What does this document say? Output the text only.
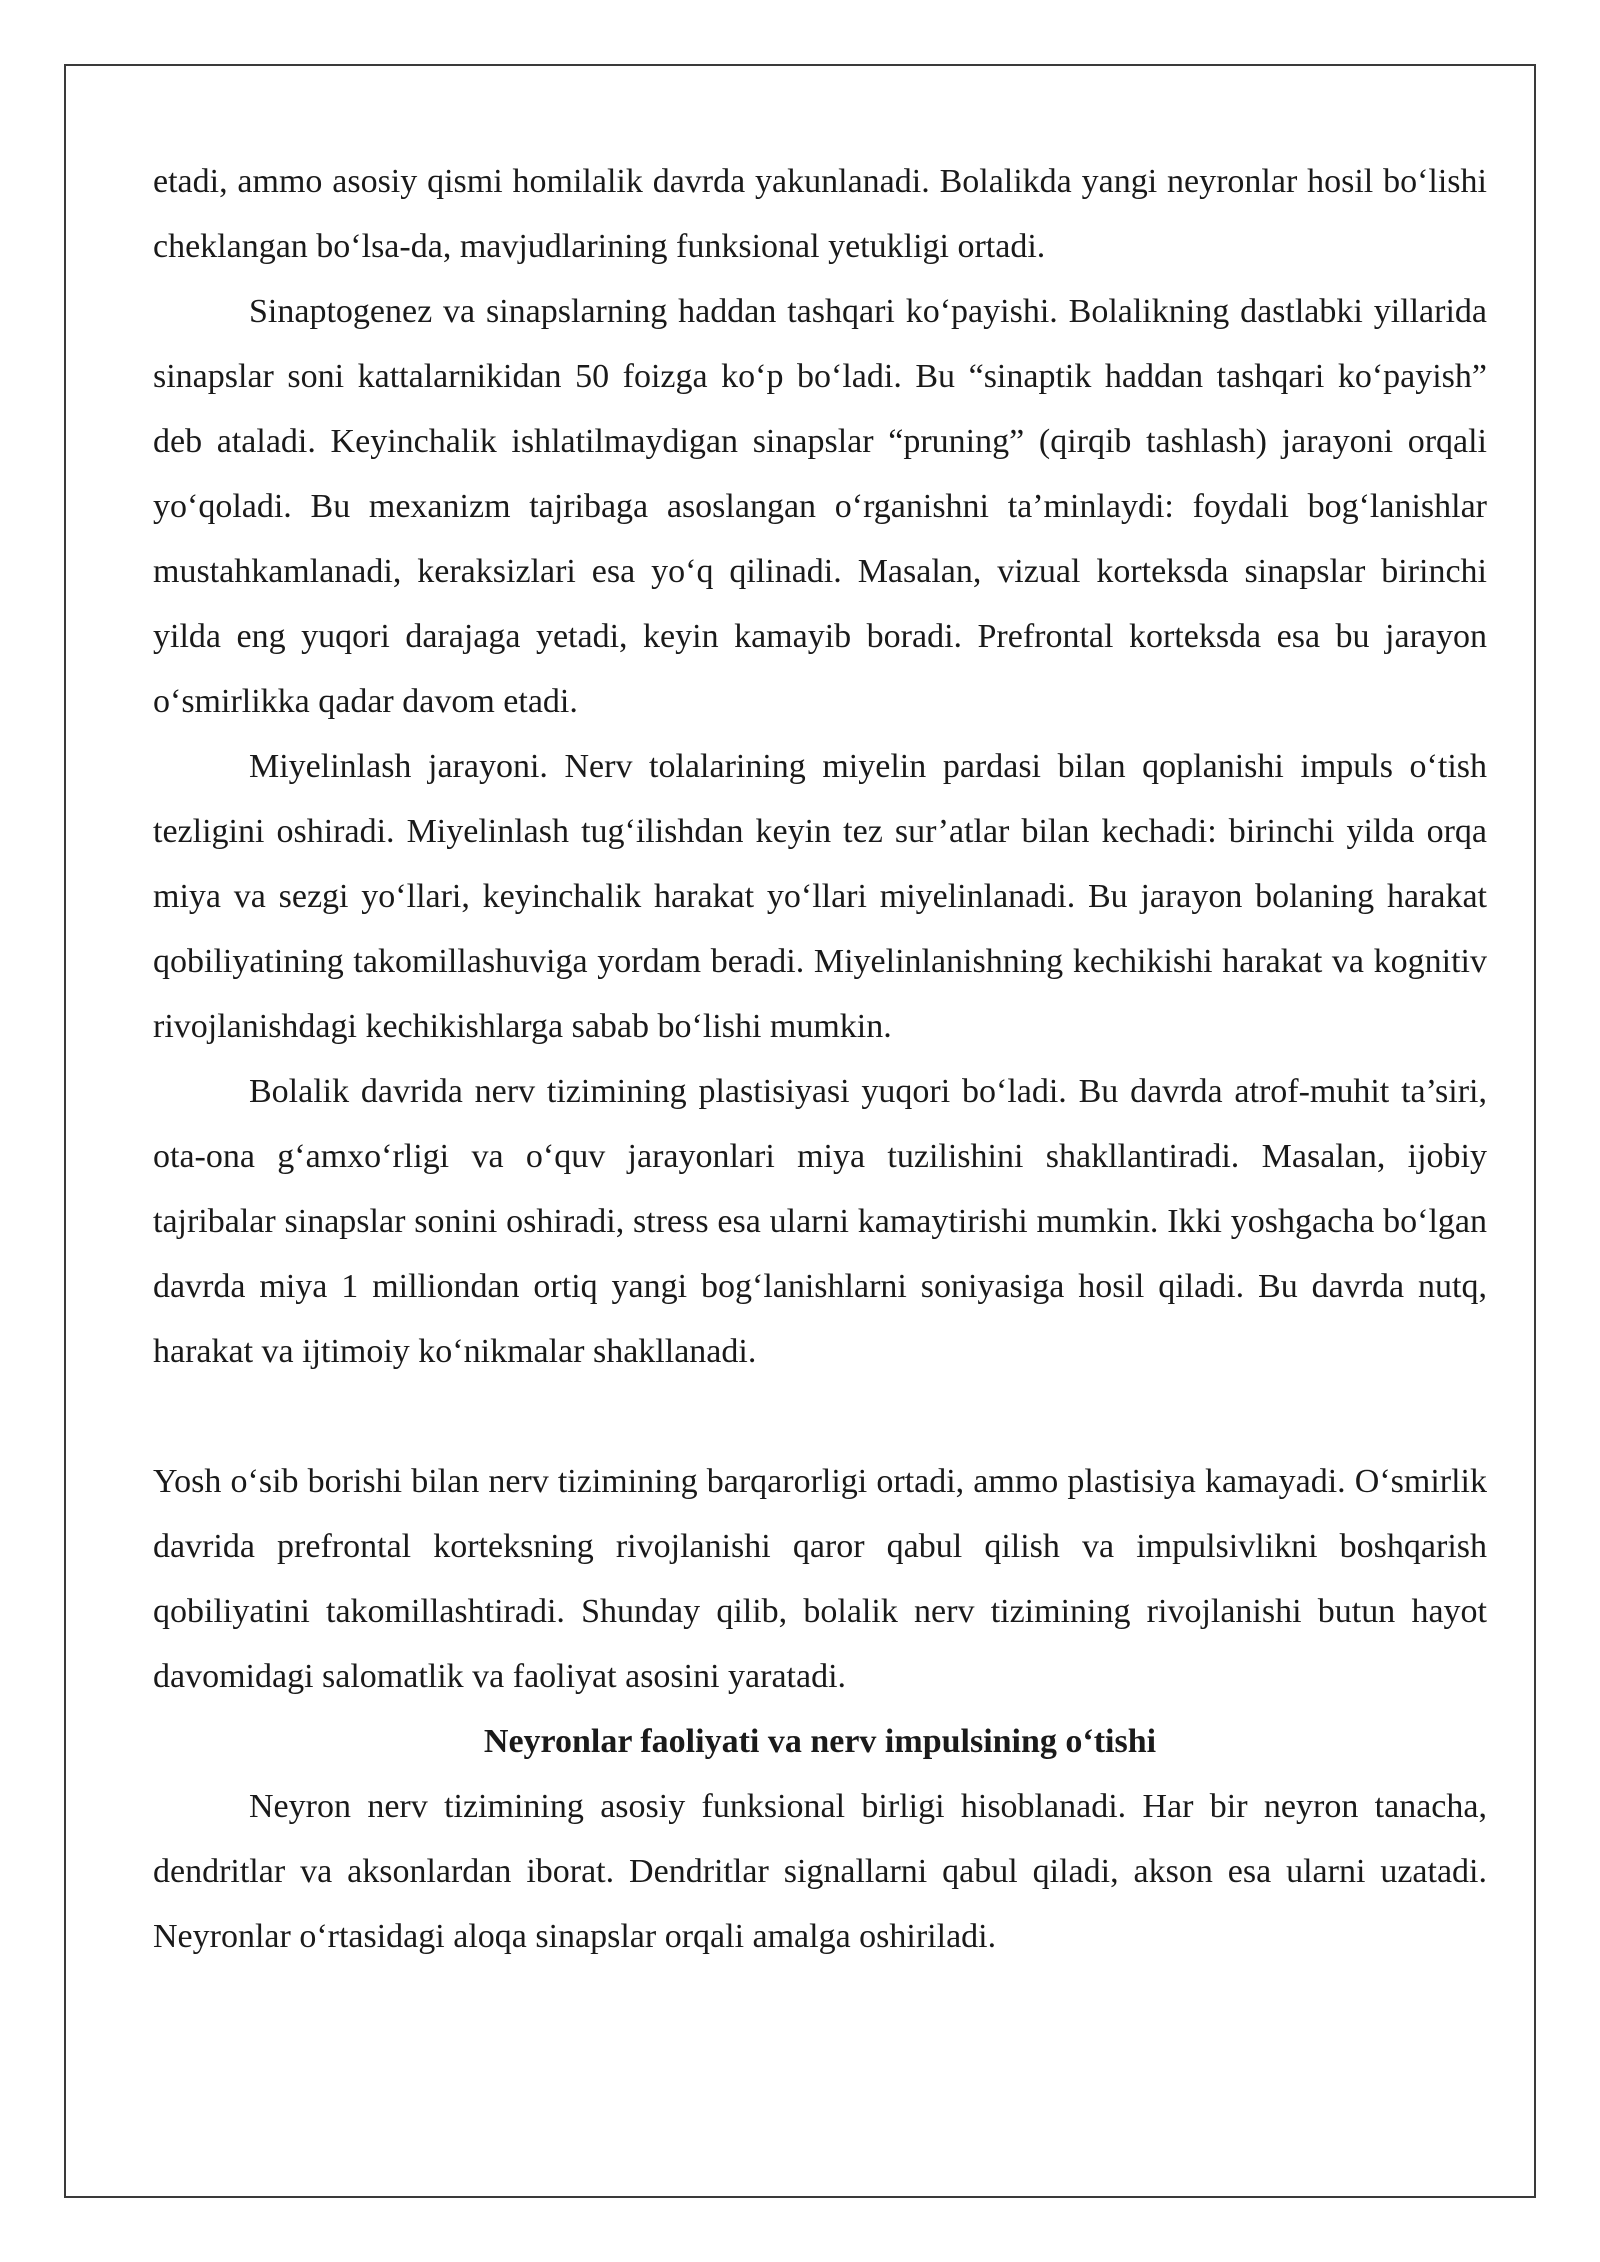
etadi, ammo asosiy qismi homilalik davrda yakunlanadi. Bolalikda yangi neyronlar hosil bo‘lishi cheklangan bo‘lsa-da, mavjudlarining funksional yetukligi ortadi.

Sinaptogenez va sinapslarning haddan tashqari ko‘payishi. Bolalikning dastlabki yillarida sinapslar soni kattalarnikidan 50 foizga ko‘p bo‘ladi. Bu “sinaptik haddan tashqari ko‘payish” deb ataladi. Keyinchalik ishlatilmaydigan sinapslar “pruning” (qirqib tashlash) jarayoni orqali yo‘qoladi. Bu mexanizm tajribaga asoslangan o‘rganishni ta’minlaydi: foydali bog‘lanishlar mustahkamlanadi, keraksizlari esa yo‘q qilinadi. Masalan, vizual korteksda sinapslar birinchi yilda eng yuqori darajaga yetadi, keyin kamayib boradi. Prefrontal korteksda esa bu jarayon o‘smirlikka qadar davom etadi.

Miyelinlash jarayoni. Nerv tolalarining miyelin pardasi bilan qoplanishi impuls o‘tish tezligini oshiradi. Miyelinlash tug‘ilishdan keyin tez sur’atlar bilan kechadi: birinchi yilda orqa miya va sezgi yo‘llari, keyinchalik harakat yo‘llari miyelinlanadi. Bu jarayon bolaning harakat qobiliyatining takomillashuviga yordam beradi. Miyelinlanishning kechikishi harakat va kognitiv rivojlanishdagi kechikishlarga sabab bo‘lishi mumkin.

Bolalik davrida nerv tizimining plastisiyasi yuqori bo‘ladi. Bu davrda atrof-muhit ta’siri, ota-ona g‘amxo‘rligi va o‘quv jarayonlari miya tuzilishini shakllantiradi. Masalan, ijobiy tajribalar sinapslar sonini oshiradi, stress esa ularni kamaytirishi mumkin. Ikki yoshgacha bo‘lgan davrda miya 1 milliondan ortiq yangi bog‘lanishlarni soniyasiga hosil qiladi. Bu davrda nutq, harakat va ijtimoiy ko‘nikmalar shakllanadi.

Yosh o‘sib borishi bilan nerv tizimining barqarorligi ortadi, ammo plastisiya kamayadi. O‘smirlik davrida prefrontal korteksning rivojlanishi qaror qabul qilish va impulsivlikni boshqarish qobiliyatini takomillashtiradi. Shunday qilib, bolalik nerv tizimining rivojlanishi butun hayot davomidagi salomatlik va faoliyat asosini yaratadi.

Neyronlar faoliyati va nerv impulsining o‘tishi

Neyron nerv tizimining asosiy funksional birligi hisoblanadi. Har bir neyron tanacha, dendritlar va aksonlardan iborat. Dendritlar signallarni qabul qiladi, akson esa ularni uzatadi. Neyronlar o‘rtasidagi aloqa sinapslar orqali amalga oshiriladi.
